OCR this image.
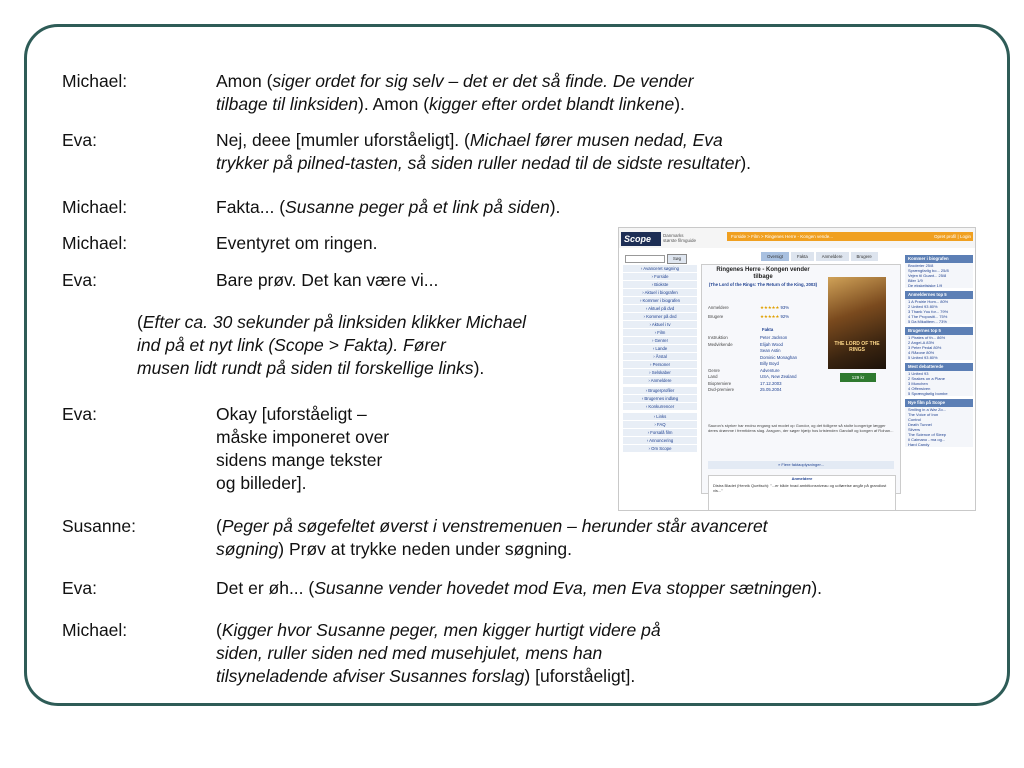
Michael:	Amon (siger ordet for sig selv – det er det så finde. De vender
tilbage til linksiden). Amon (kigger efter ordet blandt linkene).
Eva:	Nej, deee [mumler uforståeligt]. (Michael fører musen nedad, Eva
trykker på pilned-tasten, så siden ruller nedad til de sidste resultater).
Michael:	Fakta... (Susanne peger på et link på siden).
Michael:	Eventyret om ringen.
Eva:	Bare prøv. Det kan være vi...
(Efter ca. 30 sekunder på linksiden klikker Michael
ind på et nyt link (Scope > Fakta). Fører
musen lidt rundt på siden til forskellige links).
Eva:	Okay [uforståeligt –
måske imponeret over
sidens mange tekster
og billeder].
Susanne:	(Peger på søgefeltet øverst i venstremenuen – herunder står avanceret
søgning) Prøv at trykke neden under søgning.
Eva:	Det er øh... (Susanne vender hovedet mod Eva, men Eva stopper sætningen).
Michael:	(Kigger hvor Susanne peger, men kigger hurtigt videre på
siden, ruller siden ned med musehjulet, mens han
tilsyneladende afviser Susannes forslag) [uforståeligt].
Scope	Danmarks
største filmguide
Forside > Film > Ringenes Herre - Kongen vende...	Opret profil | Login
Søg
› Avanceret søgning
› Forside
› Biokste
› Aktuel i biografen
› Kommer i biografen
› Aktuel på dvd
› Kommer på dvd
› Aktuel i tv
› Film
› Genrer
› Lande
› Årstal
› Personer
› Selskaber
› Anmeldere
› Brugerprofiler
› Brugernes indlæg
› Konkurrencer
› Links
› FAQ
› Forsalå film
› Annoncering
› Om Scope
Oversigt	Fakta	Anmeldere	Brugere
Ringenes Herre - Kongen vender tilbage
(The Lord of the Rings: The Return of the King, 2003)
Anmeldere	★★★★★ 93%
Brugere	★★★★★ 92%
Fakta
Instruktion	Peter Jackson
Medvirkende	Elijah Wood
Sean Astin
Dominic Monaghan
Billy Boyd
Genre	Adventure
Land	USA, New Zealand
Biopremiere	17.12.2003
Dvd-premiere	25.05.2004
THE LORD OF THE RINGS
129 kr
Sauron's styrker har endnu engang sat modet op Gondor, og det tidligere så stolte kongerige lægger deres drømme i fremtidens slag. Aragorn, der søger hjælp hos kristenden Gandalf og kongen af Rohan...
» Flere faktaoplysninger...
Anmeldere
Distra Bladet (Henrik Queitsch): "...er både hvad ambitionsniveau og udførelse angår på grandiost vis..."
Kommer i biografen
Broderier 25/8
Sprængfarlig bo... 25/8
Vejen til Guant... 25/8
Biler 1/9
De ekskelisiske 1/9
Anmeldernes top 5
1 A Prairie Hom... 80%
2 United 93 80%
3 Thank You for... 79%
4 The Propositi... 75%
5 Da Mikalitem... 73%
Brugernes top 5
1 Pirates of th... 86%
2 Angel-A 83%
3 Peter Pedal 80%
4 Råzone 80%
5 United 93 80%
Mest debatterede
1 United 93
2 Snakes on a Plane
3 Munchen
4 Offensiven
5 Sprængfarlig bombe
Nye film på Scope
Smiling in a War Zo...
The Voice of Iron
Control
Death Tunnel
Silvers
The Science of Sleep
Il Caimano - ma og...
Hard Candy
